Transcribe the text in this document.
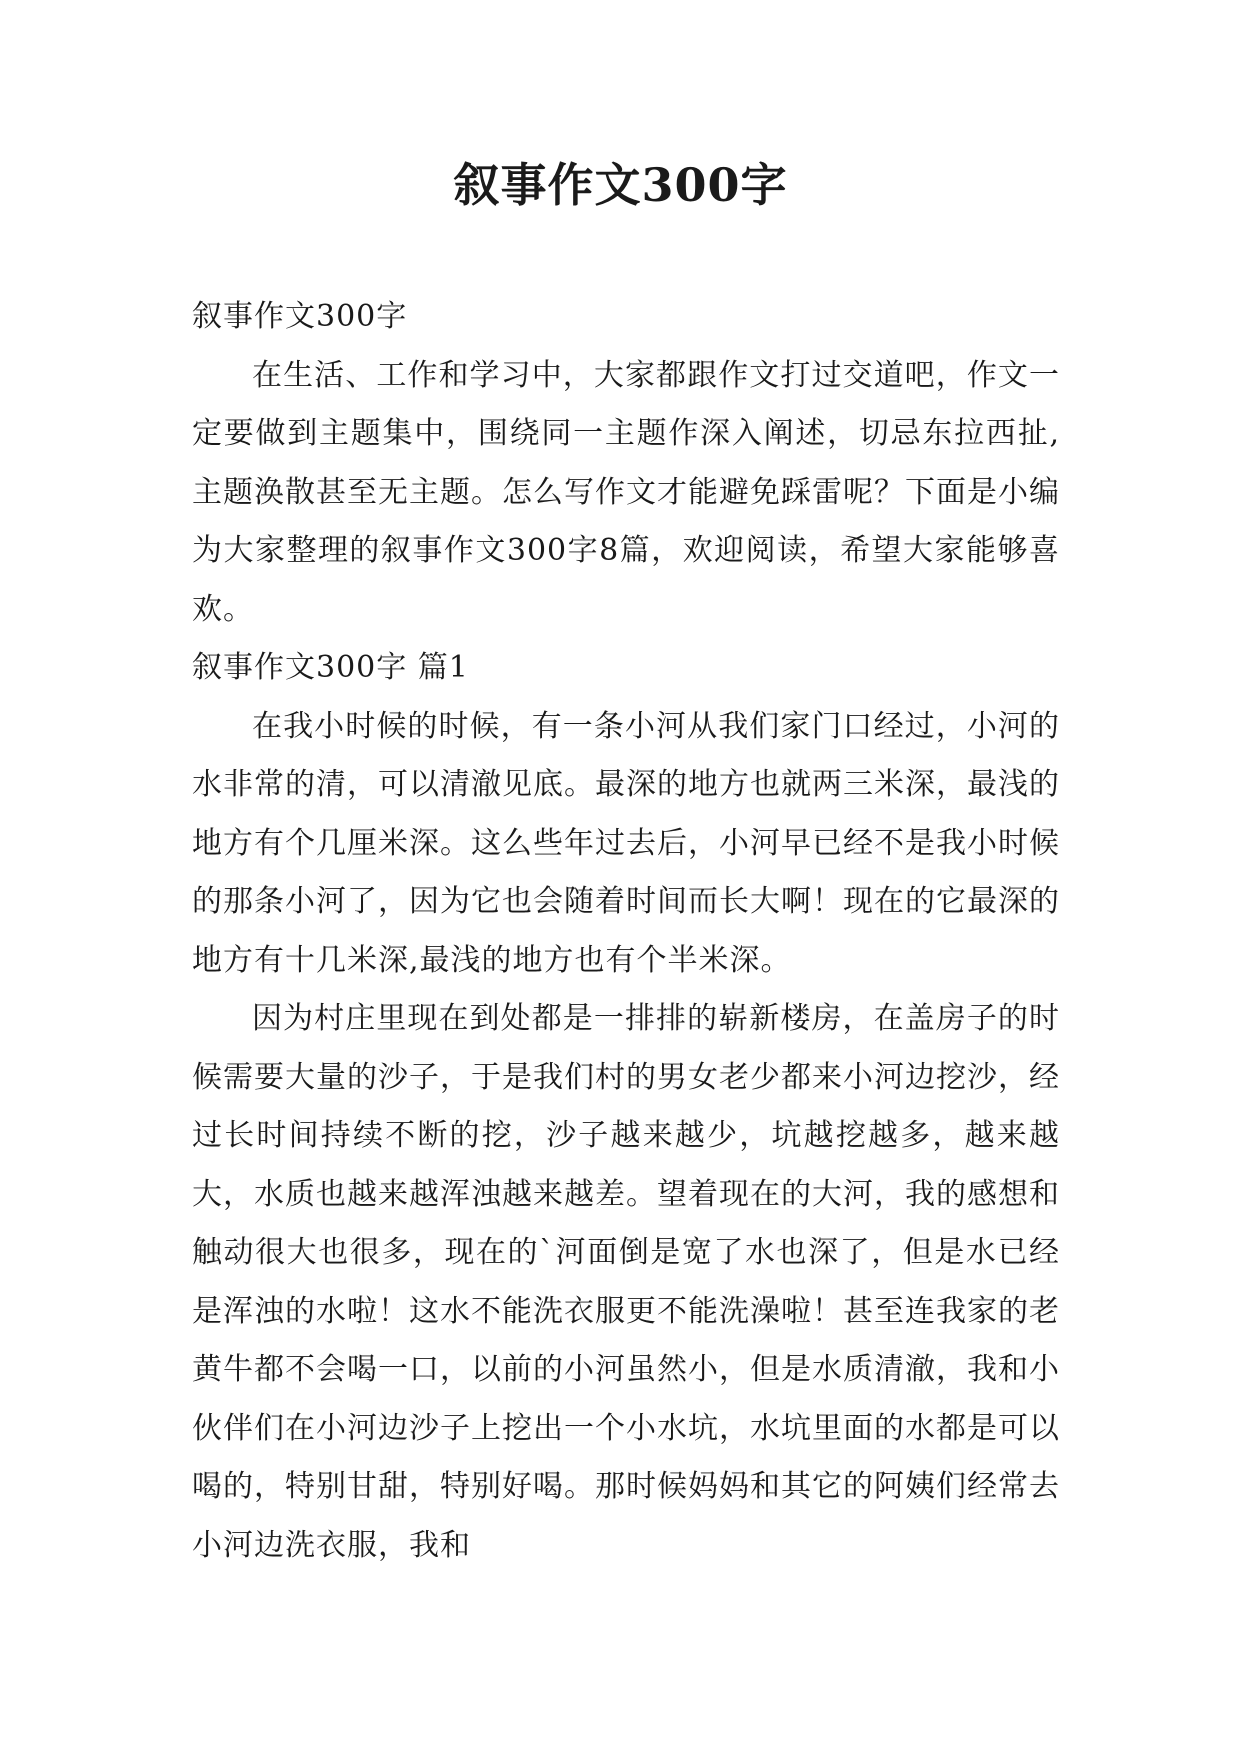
叙事作文300字

叙事作文300字

在生活、工作和学习中，大家都跟作文打过交道吧，作文一定要做到主题集中，围绕同一主题作深入阐述，切忌东拉西扯,主题涣散甚至无主题。怎么写作文才能避免踩雷呢？下面是小编为大家整理的叙事作文300字8篇，欢迎阅读，希望大家能够喜欢。

叙事作文300字 篇1

在我小时候的时候，有一条小河从我们家门口经过，小河的水非常的清，可以清澈见底。最深的地方也就两三米深，最浅的地方有个几厘米深。这么些年过去后，小河早已经不是我小时候的那条小河了，因为它也会随着时间而长大啊！现在的它最深的地方有十几米深,最浅的地方也有个半米深。

因为村庄里现在到处都是一排排的崭新楼房，在盖房子的时候需要大量的沙子，于是我们村的男女老少都来小河边挖沙，经过长时间持续不断的挖，沙子越来越少，坑越挖越多，越来越大，水质也越来越浑浊越来越差。望着现在的大河，我的感想和触动很大也很多，现在的`河面倒是宽了水也深了，但是水已经是浑浊的水啦！这水不能洗衣服更不能洗澡啦！甚至连我家的老黄牛都不会喝一口，以前的小河虽然小，但是水质清澈，我和小伙伴们在小河边沙子上挖出一个小水坑，水坑里面的水都是可以喝的，特别甘甜，特别好喝。那时候妈妈和其它的阿姨们经常去小河边洗衣服，我和
